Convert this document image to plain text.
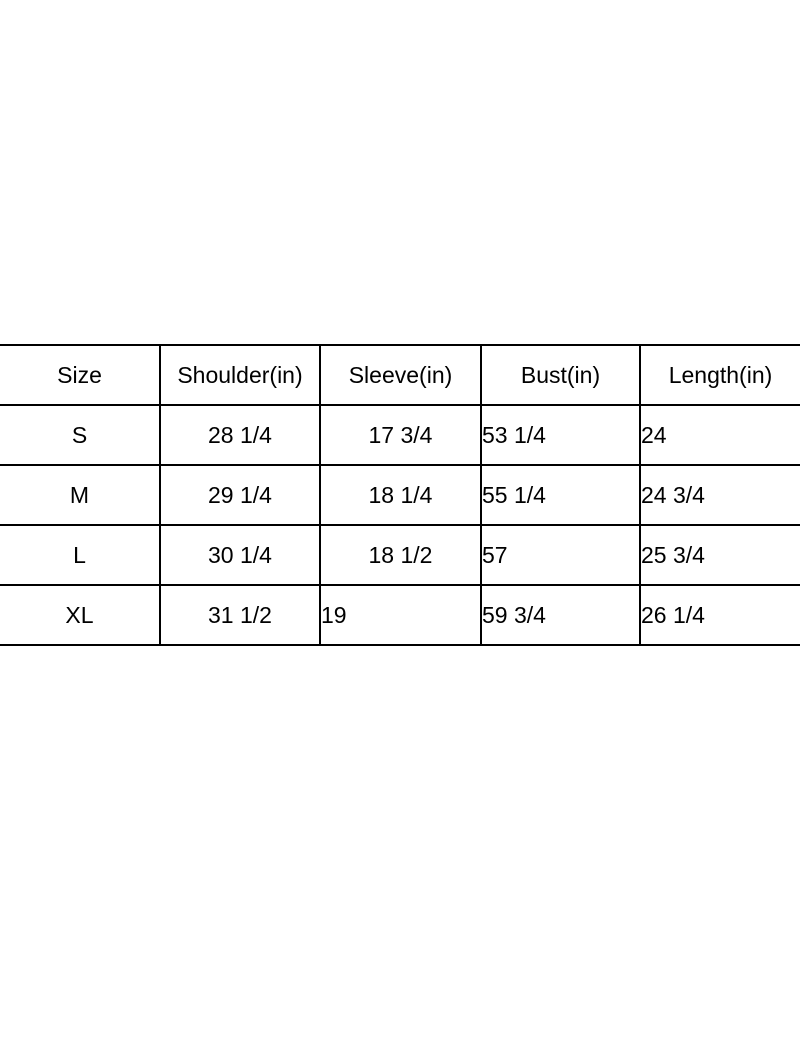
Size	Shoulder(in)	Sleeve(in)	Bust(in)	Length(in)
S	28 1/4	17 3/4	53 1/4	24
M	29 1/4	18 1/4	55 1/4	24 3/4
L	30 1/4	18 1/2	57	25 3/4
XL	31 1/2	19	59 3/4	26 1/4
